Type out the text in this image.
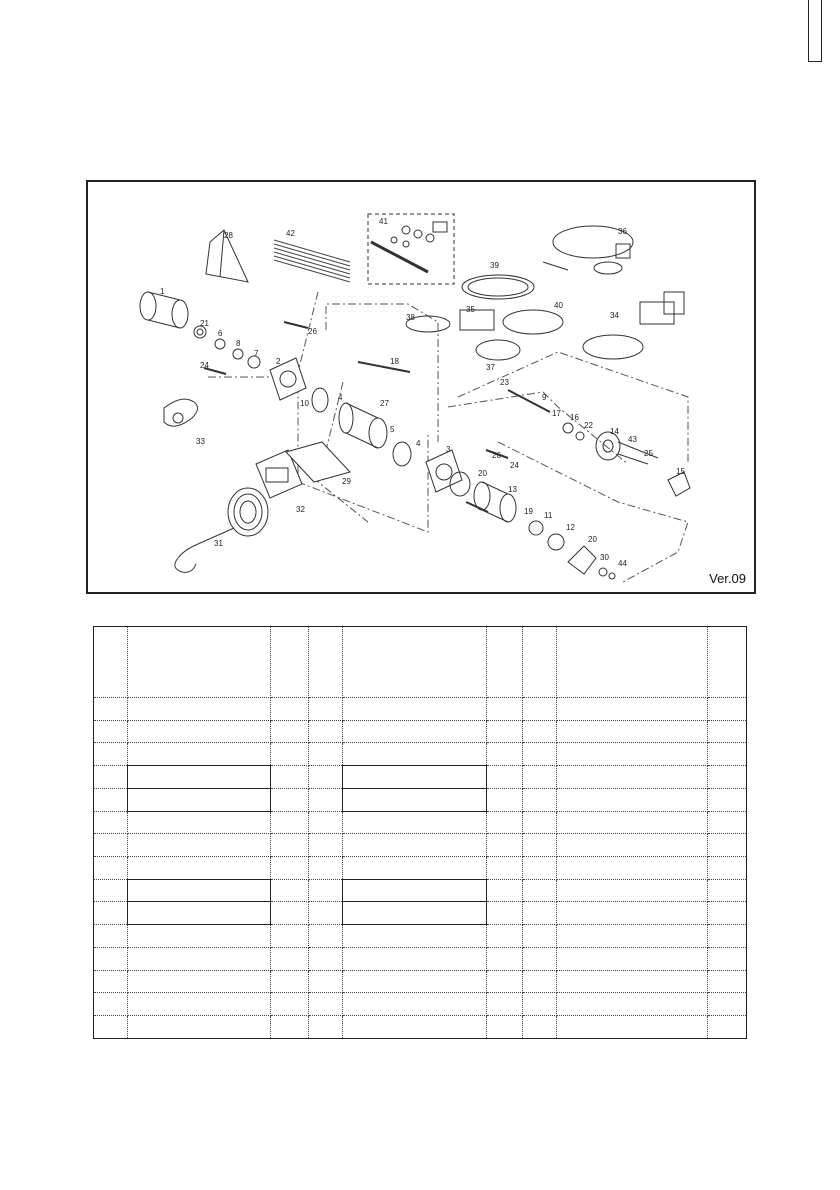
1
2
3
4
4
5
6
7
8
9
10
11
12
13
14
15
16
17
18
19
20
20
21
22
23
24
24
25
26
26
27
28
29
30
31
32
33
34
35
36
37
38
39
40
41
42
43
44
Ver.09
